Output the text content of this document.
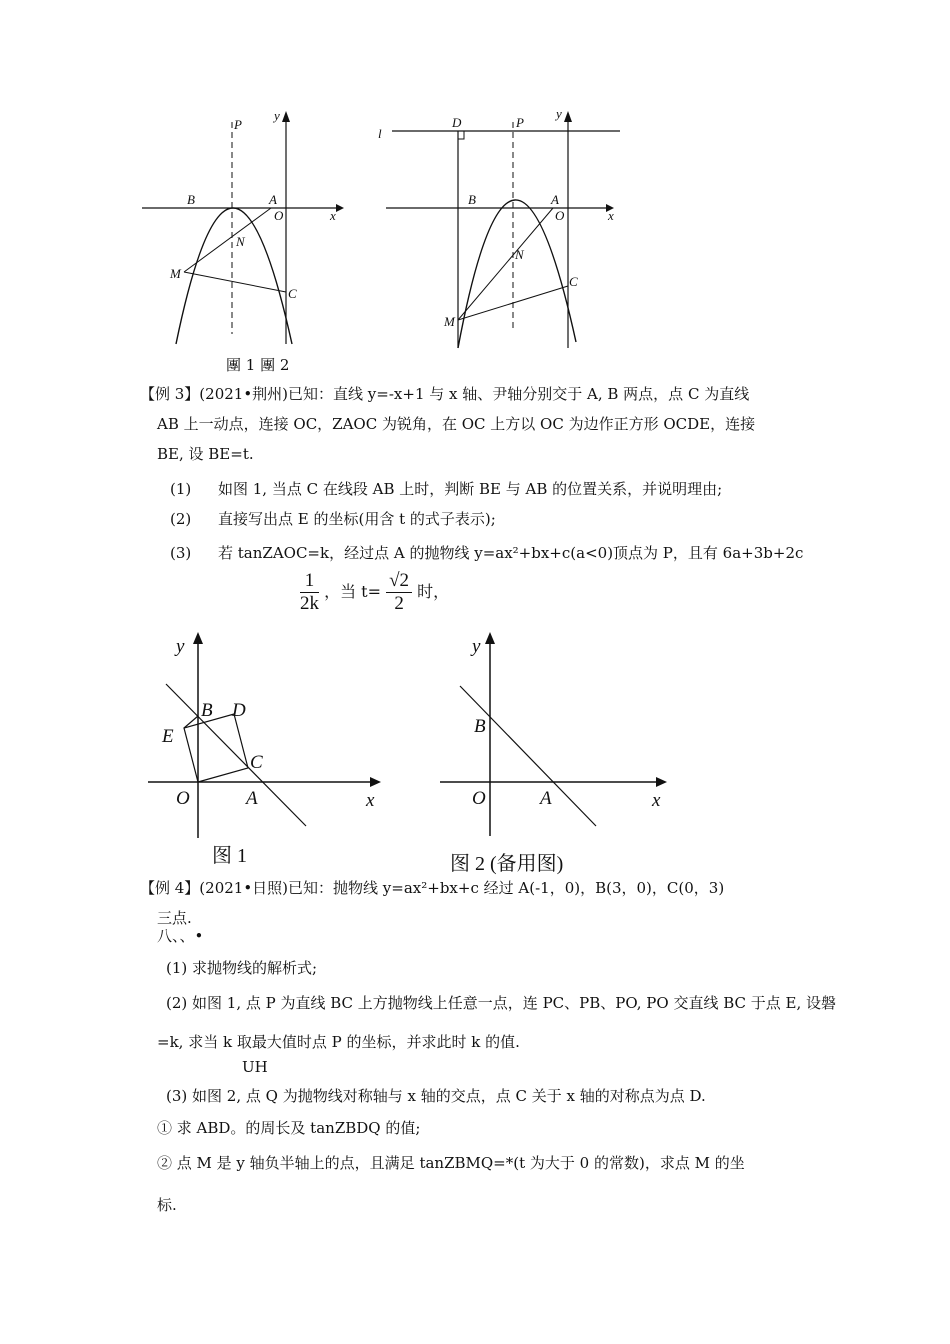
P
B	A
O
N
M
C
x
y
l
D	P
B	A
O
N
M
C
x
y
團 1 團 2
【例 3】(2021•荆州)已知：直线 y=-x+1 与 x 轴、尹轴分别交于 A, B 两点，点 C 为直线
AB 上一动点，连接 OC，ZAOC 为锐角，在 OC 上方以 OC 为边作正方形 OCDE，连接
BE, 设 BE=t.
(1) 如图 1, 当点 C 在线段 AB 上时，判断 BE 与 AB 的位置关系，并说明理由;
(2) 直接写出点 E 的坐标(用含 t 的式子表示);
(3) 若 tanZAOC=k，经过点 A 的抛物线 y=ax²+bx+c(a<0)顶点为 P，且有 6a+3b+2c
$\frac{1}{2k}$ ，当 $t= \frac{√2}{2}$ 时，
y
B D
E
C
O	A	x
图 1
y
B
O	A	x
图 2 (备用图)
【例 4】(2021•日照)已知：抛物线 y=ax²+bx+c 经过 A(-1，0)，B(3，0)，C(0，3)
三点.
八、、•
(1) 求抛物线的解析式;
(2) 如图 1, 点 P 为直线 BC 上方抛物线上任意一点，连 PC、PB、PO, PO 交直线 BC 于点 E, 设磐
=k, 求当 k 取最大值时点 P 的坐标，并求此时 k 的值.
UH
(3) 如图 2, 点 Q 为抛物线对称轴与 x 轴的交点，点 C 关于 x 轴的对称点为点 D.
① 求 ABD。的周长及 tanZBDQ 的值;
② 点 M 是 y 轴负半轴上的点，且满足 tanZBMQ=*(t 为大于 0 的常数)，求点 M 的坐
标.
